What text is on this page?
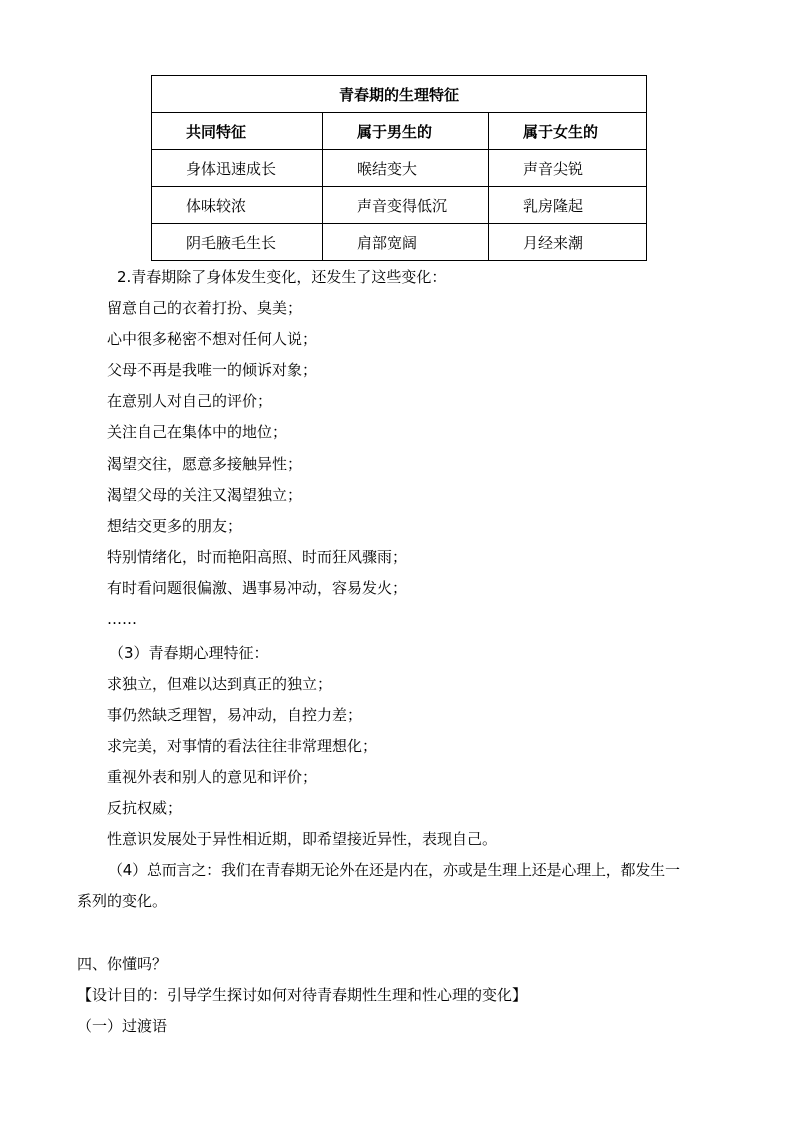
青春期的生理特征		
共同特征	属于男生的	属于女生的
身体迅速成长	喉结变大	声音尖锐
体味较浓	声音变得低沉	乳房隆起
阴毛腋毛生长	肩部宽阔	月经来潮
2.青春期除了身体发生变化，还发生了这些变化：
留意自己的衣着打扮、臭美；
心中很多秘密不想对任何人说；
父母不再是我唯一的倾诉对象；
在意别人对自己的评价；
关注自己在集体中的地位；
渴望交往，愿意多接触异性；
渴望父母的关注又渴望独立；
想结交更多的朋友；
特别情绪化，时而艳阳高照、时而狂风骤雨；
有时看问题很偏激、遇事易冲动，容易发火；
……
（3）青春期心理特征：
求独立，但难以达到真正的独立；
事仍然缺乏理智，易冲动，自控力差；
求完美，对事情的看法往往非常理想化；
重视外表和别人的意见和评价；
反抗权威；
性意识发展处于异性相近期，即希望接近异性，表现自己。
（4）总而言之：我们在青春期无论外在还是内在，亦或是生理上还是心理上，都发生一
系列的变化。
四、你懂吗？
【设计目的：引导学生探讨如何对待青春期性生理和性心理的变化】
（一）过渡语
